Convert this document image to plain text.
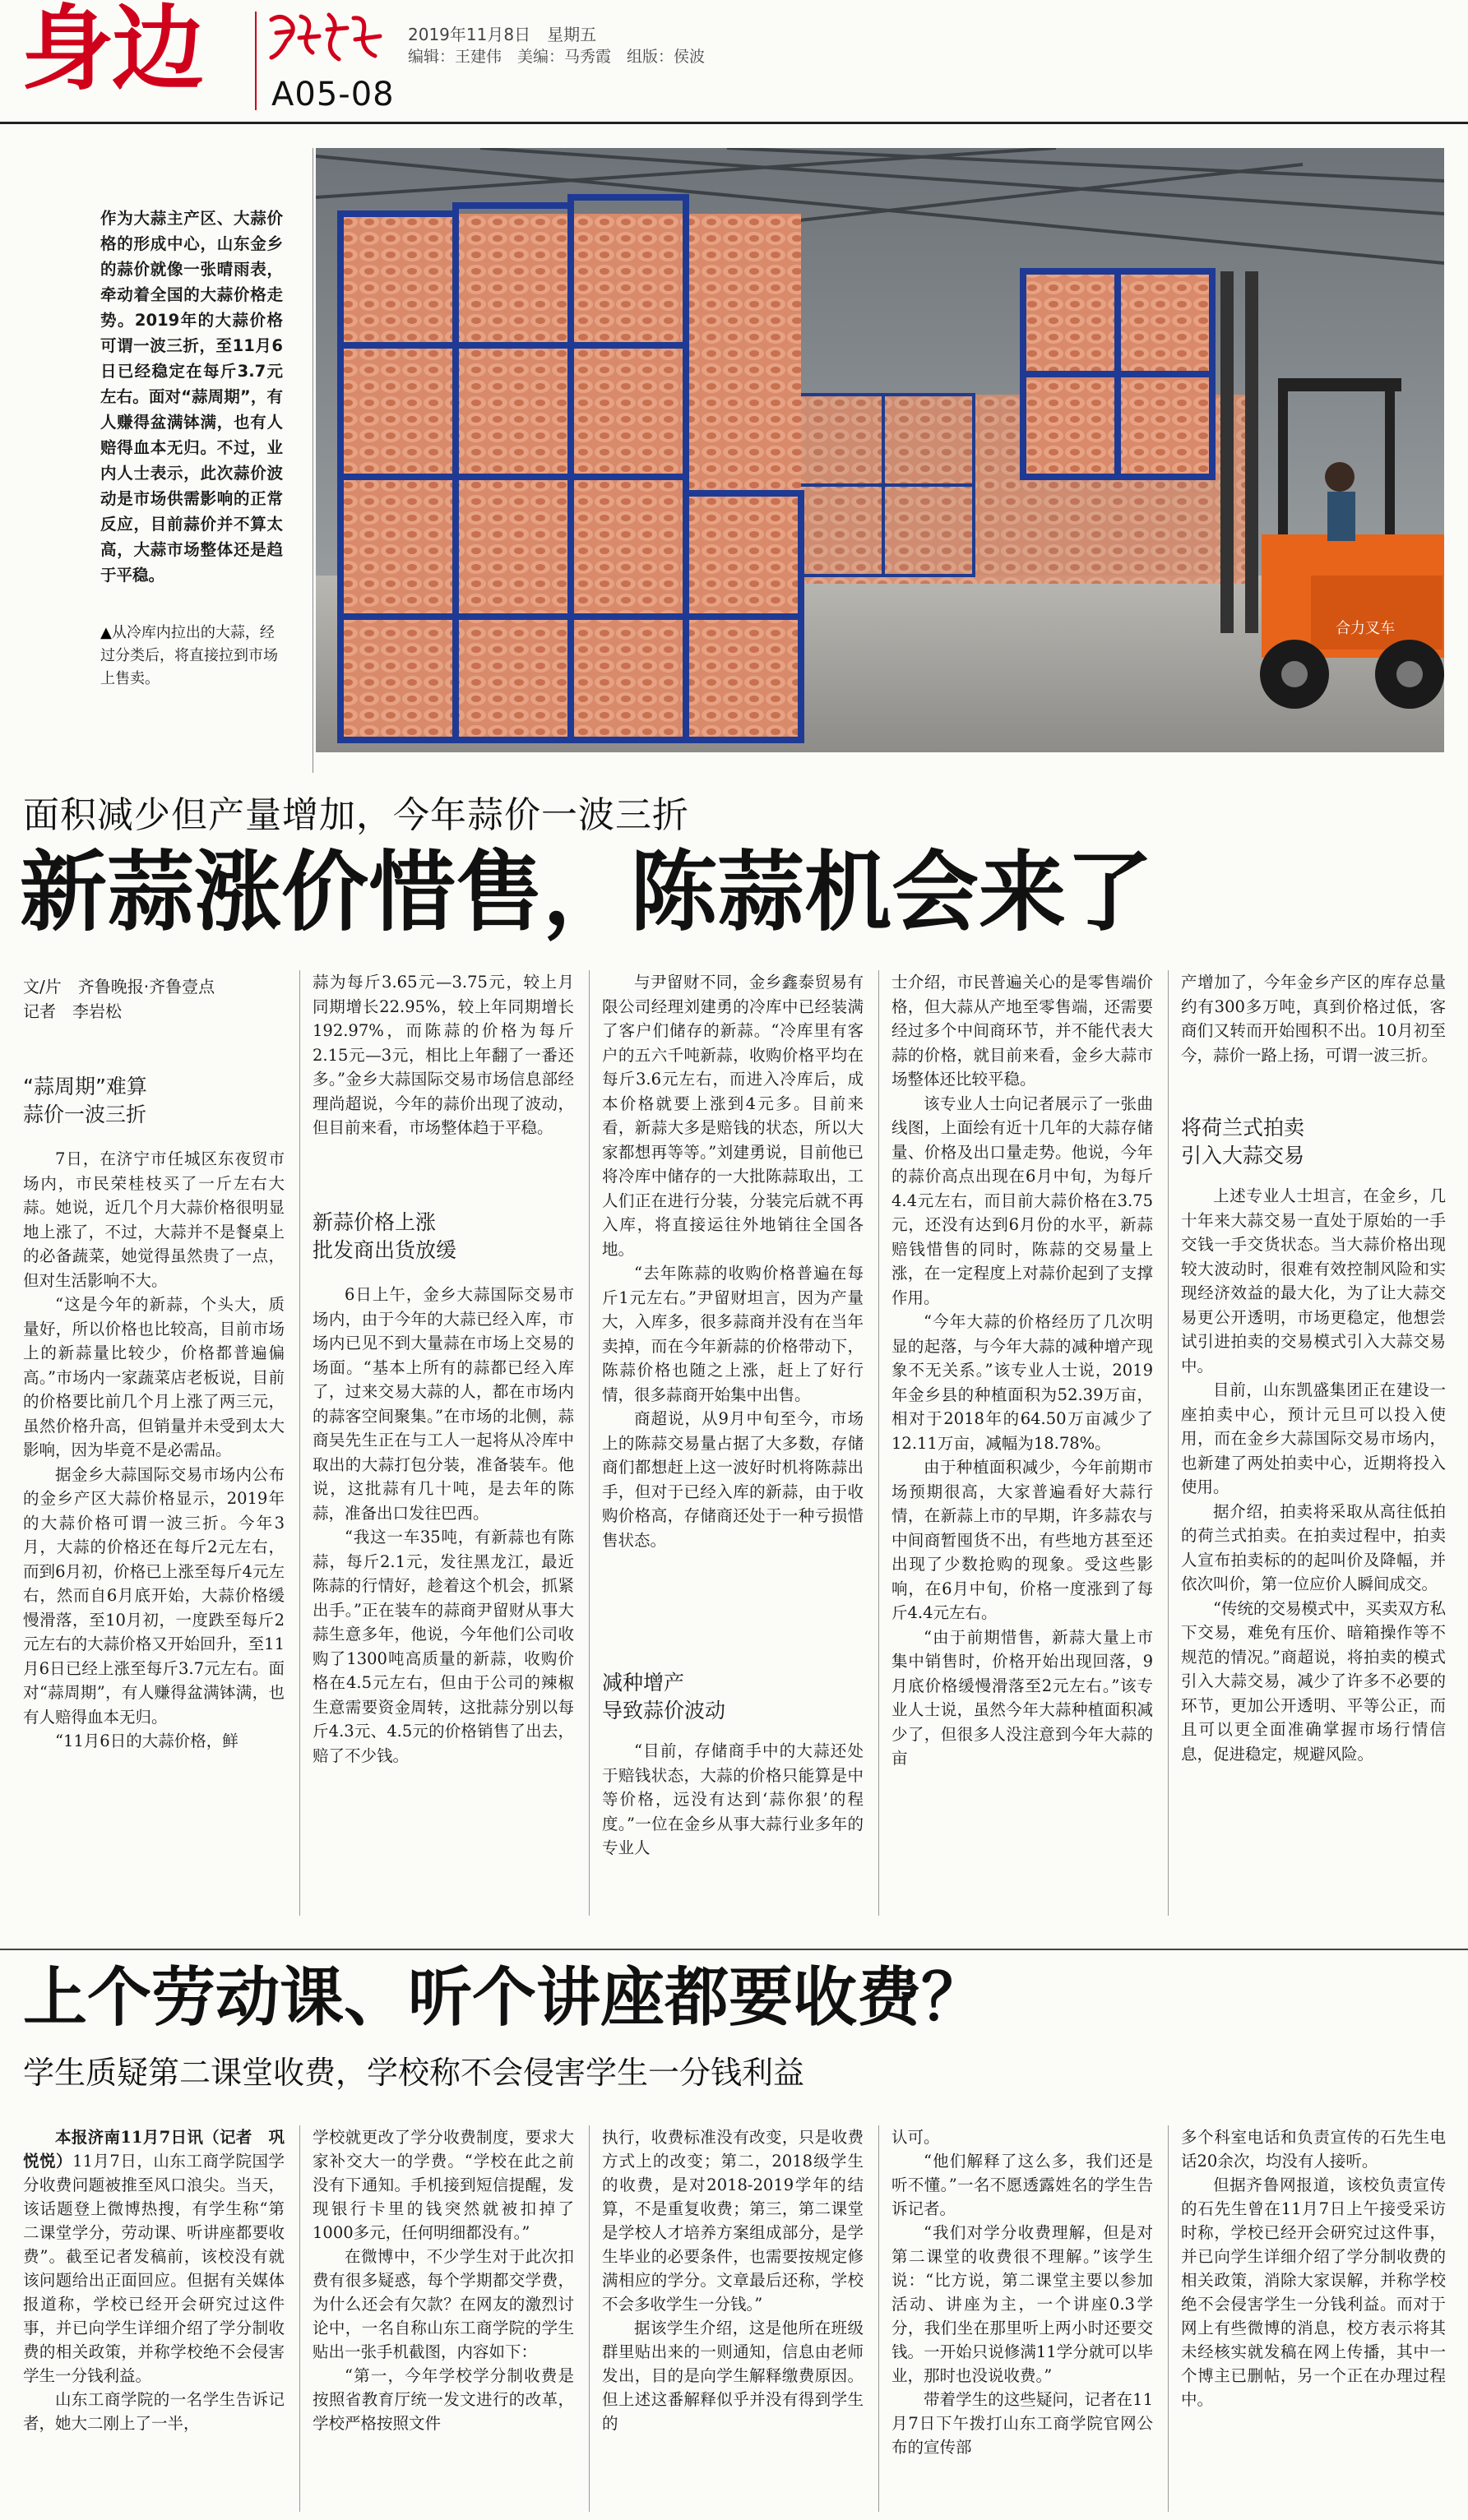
身边 A05-08
2019年11月8日　星期五
编辑：王建伟　美编：马秀霞　组版：侯波
作为大蒜主产区、大蒜价格的形成中心，山东金乡的蒜价就像一张晴雨表，牵动着全国的大蒜价格走势。2019年的大蒜价格可谓一波三折，至11月6日已经稳定在每斤3.7元左右。面对“蒜周期”，有人赚得盆满钵满，也有人赔得血本无归。不过，业内人士表示，此次蒜价波动是市场供需影响的正常反应，目前蒜价并不算太高，大蒜市场整体还是趋于平稳。
▲从冷库内拉出的大蒜，经过分类后，将直接拉到市场上售卖。
合力叉车
面积减少但产量增加，今年蒜价一波三折
新蒜涨价惜售，陈蒜机会来了
文/片　齐鲁晚报·齐鲁壹点
记者　李岩松
“蒜周期”难算
蒜价一波三折

7日，在济宁市任城区东夜贸市场内，市民荣桂枝买了一斤左右大蒜。她说，近几个月大蒜价格很明显地上涨了，不过，大蒜并不是餐桌上的必备蔬菜，她觉得虽然贵了一点，但对生活影响不大。

“这是今年的新蒜，个头大，质量好，所以价格也比较高，目前市场上的新蒜量比较少，价格都普遍偏高。”市场内一家蔬菜店老板说，目前的价格要比前几个月上涨了两三元，虽然价格升高，但销量并未受到太大影响，因为毕竟不是必需品。

据金乡大蒜国际交易市场内公布的金乡产区大蒜价格显示，2019年的大蒜价格可谓一波三折。今年3月，大蒜的价格还在每斤2元左右，而到6月初，价格已上涨至每斤4元左右，然而自6月底开始，大蒜价格缓慢滑落，至10月初，一度跌至每斤2元左右的大蒜价格又开始回升，至11月6日已经上涨至每斤3.7元左右。面对“蒜周期”，有人赚得盆满钵满，也有人赔得血本无归。

“11月6日的大蒜价格，鲜

蒜为每斤3.65元—3.75元，较上月同期增长22.95%，较上年同期增长192.97%，而陈蒜的价格为每斤2.15元—3元，相比上年翻了一番还多。”金乡大蒜国际交易市场信息部经理尚超说，今年的蒜价出现了波动，但目前来看，市场整体趋于平稳。

新蒜价格上涨
批发商出货放缓

6日上午，金乡大蒜国际交易市场内，由于今年的大蒜已经入库，市场内已见不到大量蒜在市场上交易的场面。“基本上所有的蒜都已经入库了，过来交易大蒜的人，都在市场内的蒜客空间聚集。”在市场的北侧，蒜商吴先生正在与工人一起将从冷库中取出的大蒜打包分装，准备装车。他说，这批蒜有几十吨，是去年的陈蒜，准备出口发往巴西。

“我这一车35吨，有新蒜也有陈蒜，每斤2.1元，发往黑龙江，最近陈蒜的行情好，趁着这个机会，抓紧出手。”正在装车的蒜商尹留财从事大蒜生意多年，他说，今年他们公司收购了1300吨高质量的新蒜，收购价格在4.5元左右，但由于公司的辣椒生意需要资金周转，这批蒜分别以每斤4.3元、4.5元的价格销售了出去，赔了不少钱。

与尹留财不同，金乡鑫泰贸易有限公司经理刘建勇的冷库中已经装满了客户们储存的新蒜。“冷库里有客户的五六千吨新蒜，收购价格平均在每斤3.6元左右，而进入冷库后，成本价格就要上涨到4元多。目前来看，新蒜大多是赔钱的状态，所以大家都想再等等。”刘建勇说，目前他已将冷库中储存的一大批陈蒜取出，工人们正在进行分装，分装完后就不再入库，将直接运往外地销往全国各地。

“去年陈蒜的收购价格普遍在每斤1元左右。”尹留财坦言，因为产量大，入库多，很多蒜商并没有在当年卖掉，而在今年新蒜的价格带动下，陈蒜价格也随之上涨，赶上了好行情，很多蒜商开始集中出售。

商超说，从9月中旬至今，市场上的陈蒜交易量占据了大多数，存储商们都想赶上这一波好时机将陈蒜出手，但对于已经入库的新蒜，由于收购价格高，存储商还处于一种亏损惜售状态。

减种增产
导致蒜价波动

“目前，存储商手中的大蒜还处于赔钱状态，大蒜的价格只能算是中等价格，远没有达到‘蒜你狠’的程度。”一位在金乡从事大蒜行业多年的专业人

士介绍，市民普遍关心的是零售端价格，但大蒜从产地至零售端，还需要经过多个中间商环节，并不能代表大蒜的价格，就目前来看，金乡大蒜市场整体还比较平稳。

该专业人士向记者展示了一张曲线图，上面绘有近十几年的大蒜存储量、价格及出口量走势。他说，今年的蒜价高点出现在6月中旬，为每斤4.4元左右，而目前大蒜价格在3.75元，还没有达到6月份的水平，新蒜赔钱惜售的同时，陈蒜的交易量上涨，在一定程度上对蒜价起到了支撑作用。

“今年大蒜的价格经历了几次明显的起落，与今年大蒜的减种增产现象不无关系。”该专业人士说，2019年金乡县的种植面积为52.39万亩，相对于2018年的64.50万亩减少了12.11万亩，减幅为18.78%。

由于种植面积减少，今年前期市场预期很高，大家普遍看好大蒜行情，在新蒜上市的早期，许多蒜农与中间商暂囤货不出，有些地方甚至还出现了少数抢购的现象。受这些影响，在6月中旬，价格一度涨到了每斤4.4元左右。

“由于前期惜售，新蒜大量上市集中销售时，价格开始出现回落，9月底价格缓慢滑落至2元左右。”该专业人士说，虽然今年大蒜种植面积减少了，但很多人没注意到今年大蒜的亩

产增加了，今年金乡产区的库存总量约有300多万吨，真到价格过低，客商们又转而开始囤积不出。10月初至今，蒜价一路上扬，可谓一波三折。

将荷兰式拍卖
引入大蒜交易

上述专业人士坦言，在金乡，几十年来大蒜交易一直处于原始的一手交钱一手交货状态。当大蒜价格出现较大波动时，很难有效控制风险和实现经济效益的最大化，为了让大蒜交易更公开透明，市场更稳定，他想尝试引进拍卖的交易模式引入大蒜交易中。

目前，山东凯盛集团正在建设一座拍卖中心，预计元旦可以投入使用，而在金乡大蒜国际交易市场内，也新建了两处拍卖中心，近期将投入使用。

据介绍，拍卖将采取从高往低拍的荷兰式拍卖。在拍卖过程中，拍卖人宣布拍卖标的的起叫价及降幅，并依次叫价，第一位应价人瞬间成交。

“传统的交易模式中，买卖双方私下交易，难免有压价、暗箱操作等不规范的情况。”商超说，将拍卖的模式引入大蒜交易，减少了许多不必要的环节，更加公开透明、平等公正，而且可以更全面准确掌握市场行情信息，促进稳定，规避风险。

上个劳动课、听个讲座都要收费？
学生质疑第二课堂收费，学校称不会侵害学生一分钱利益

本报济南11月7日讯（记者　巩悦悦）11月7日，山东工商学院国学分收费问题被推至风口浪尖。当天，该话题登上微博热搜，有学生称“第二课堂学分，劳动课、听讲座都要收费”。截至记者发稿前，该校没有就该问题给出正面回应。但据有关媒体报道称，学校已经开会研究过这件事，并已向学生详细介绍了学分制收费的相关政策，并称学校绝不会侵害学生一分钱利益。

山东工商学院的一名学生告诉记者，她大二刚上了一半，

学校就更改了学分收费制度，要求大家补交大一的学费。“学校在此之前没有下通知。手机接到短信提醒，发现银行卡里的钱突然就被扣掉了1000多元，任何明细都没有。”

在微博中，不少学生对于此次扣费有很多疑惑，每个学期都交学费，为什么还会有欠款？在网友的激烈讨论中，一名自称山东工商学院的学生贴出一张手机截图，内容如下：

“第一，今年学校学分制收费是按照省教育厅统一发文进行的改革，学校严格按照文件

执行，收费标准没有改变，只是收费方式上的改变；第二，2018级学生的收费，是对2018-2019学年的结算，不是重复收费；第三，第二课堂是学校人才培养方案组成部分，是学生毕业的必要条件，也需要按规定修满相应的学分。文章最后还称，学校不会多收学生一分钱。”

据该学生介绍，这是他所在班级群里贴出来的一则通知，信息由老师发出，目的是向学生解释缴费原因。但上述这番解释似乎并没有得到学生的

认可。

“他们解释了这么多，我们还是听不懂。”一名不愿透露姓名的学生告诉记者。

“我们对学分收费理解，但是对第二课堂的收费很不理解。”该学生说：“比方说，第二课堂主要以参加活动、讲座为主，一个讲座0.3学分，我们坐在那里听上两小时还要交钱。一开始只说修满11学分就可以毕业，那时也没说收费。”

带着学生的这些疑问，记者在11月7日下午拨打山东工商学院官网公布的宣传部

多个科室电话和负责宣传的石先生电话20余次，均没有人接听。

但据齐鲁网报道，该校负责宣传的石先生曾在11月7日上午接受采访时称，学校已经开会研究过这件事，并已向学生详细介绍了学分制收费的相关政策，消除大家误解，并称学校绝不会侵害学生一分钱利益。而对于网上有些微博的消息，校方表示将其未经核实就发稿在网上传播，其中一个博主已删帖，另一个正在办理过程中。
